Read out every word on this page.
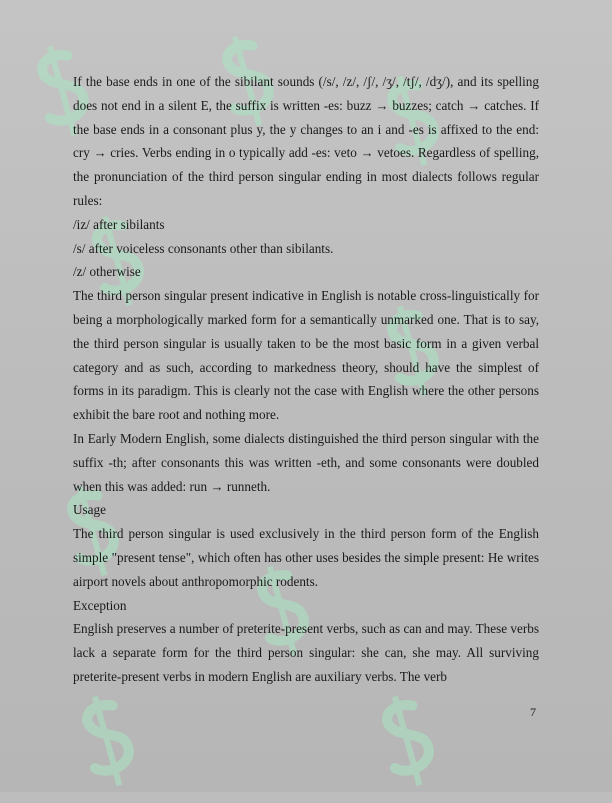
If the base ends in one of the sibilant sounds (/s/, /z/, /ʃ/, /ʒ/, /tʃ/, /dʒ/), and its spelling does not end in a silent E, the suffix is written -es: buzz → buzzes; catch → catches. If the base ends in a consonant plus y, the y changes to an i and -es is affixed to the end: cry → cries. Verbs ending in o typically add -es: veto → vetoes. Regardless of spelling, the pronunciation of the third person singular ending in most dialects follows regular rules:

/iz/ after sibilants

/s/ after voiceless consonants other than sibilants.

/z/ otherwise

The third person singular present indicative in English is notable cross-linguistically for being a morphologically marked form for a semantically unmarked one. That is to say, the third person singular is usually taken to be the most basic form in a given verbal category and as such, according to markedness theory, should have the simplest of forms in its paradigm. This is clearly not the case with English where the other persons exhibit the bare root and nothing more.

In Early Modern English, some dialects distinguished the third person singular with the suffix -th; after consonants this was written -eth, and some consonants were doubled when this was added: run → runneth.

Usage

The third person singular is used exclusively in the third person form of the English simple "present tense", which often has other uses besides the simple present: He writes airport novels about anthropomorphic rodents.

Exception

English preserves a number of preterite-present verbs, such as can and may. These verbs lack a separate form for the third person singular: she can, she may. All surviving preterite-present verbs in modern English are auxiliary verbs. The verb

7
